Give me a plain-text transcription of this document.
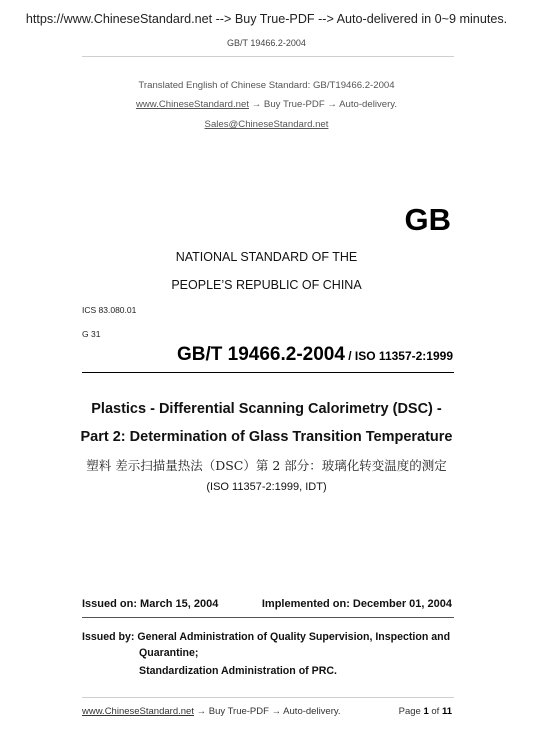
https://www.ChineseStandard.net --> Buy True-PDF --> Auto-delivered in 0~9 minutes.
GB/T 19466.2-2004
Translated English of Chinese Standard: GB/T19466.2-2004
www.ChineseStandard.net → Buy True-PDF → Auto-delivery.
Sales@ChineseStandard.net
GB
NATIONAL STANDARD OF THE
PEOPLE’S REPUBLIC OF CHINA
ICS 83.080.01
G 31
GB/T 19466.2-2004 / ISO 11357-2:1999
Plastics - Differential Scanning Calorimetry (DSC) -
Part 2: Determination of Glass Transition Temperature
塑料 差示扫描量热法（DSC）第 2 部分：玻璃化转变温度的测定
(ISO 11357-2:1999, IDT)
Issued on: March 15, 2004	Implemented on: December 01, 2004
Issued by: General Administration of Quality Supervision, Inspection and
Quarantine;
Standardization Administration of PRC.
www.ChineseStandard.net → Buy True-PDF → Auto-delivery.	Page 1 of 11
